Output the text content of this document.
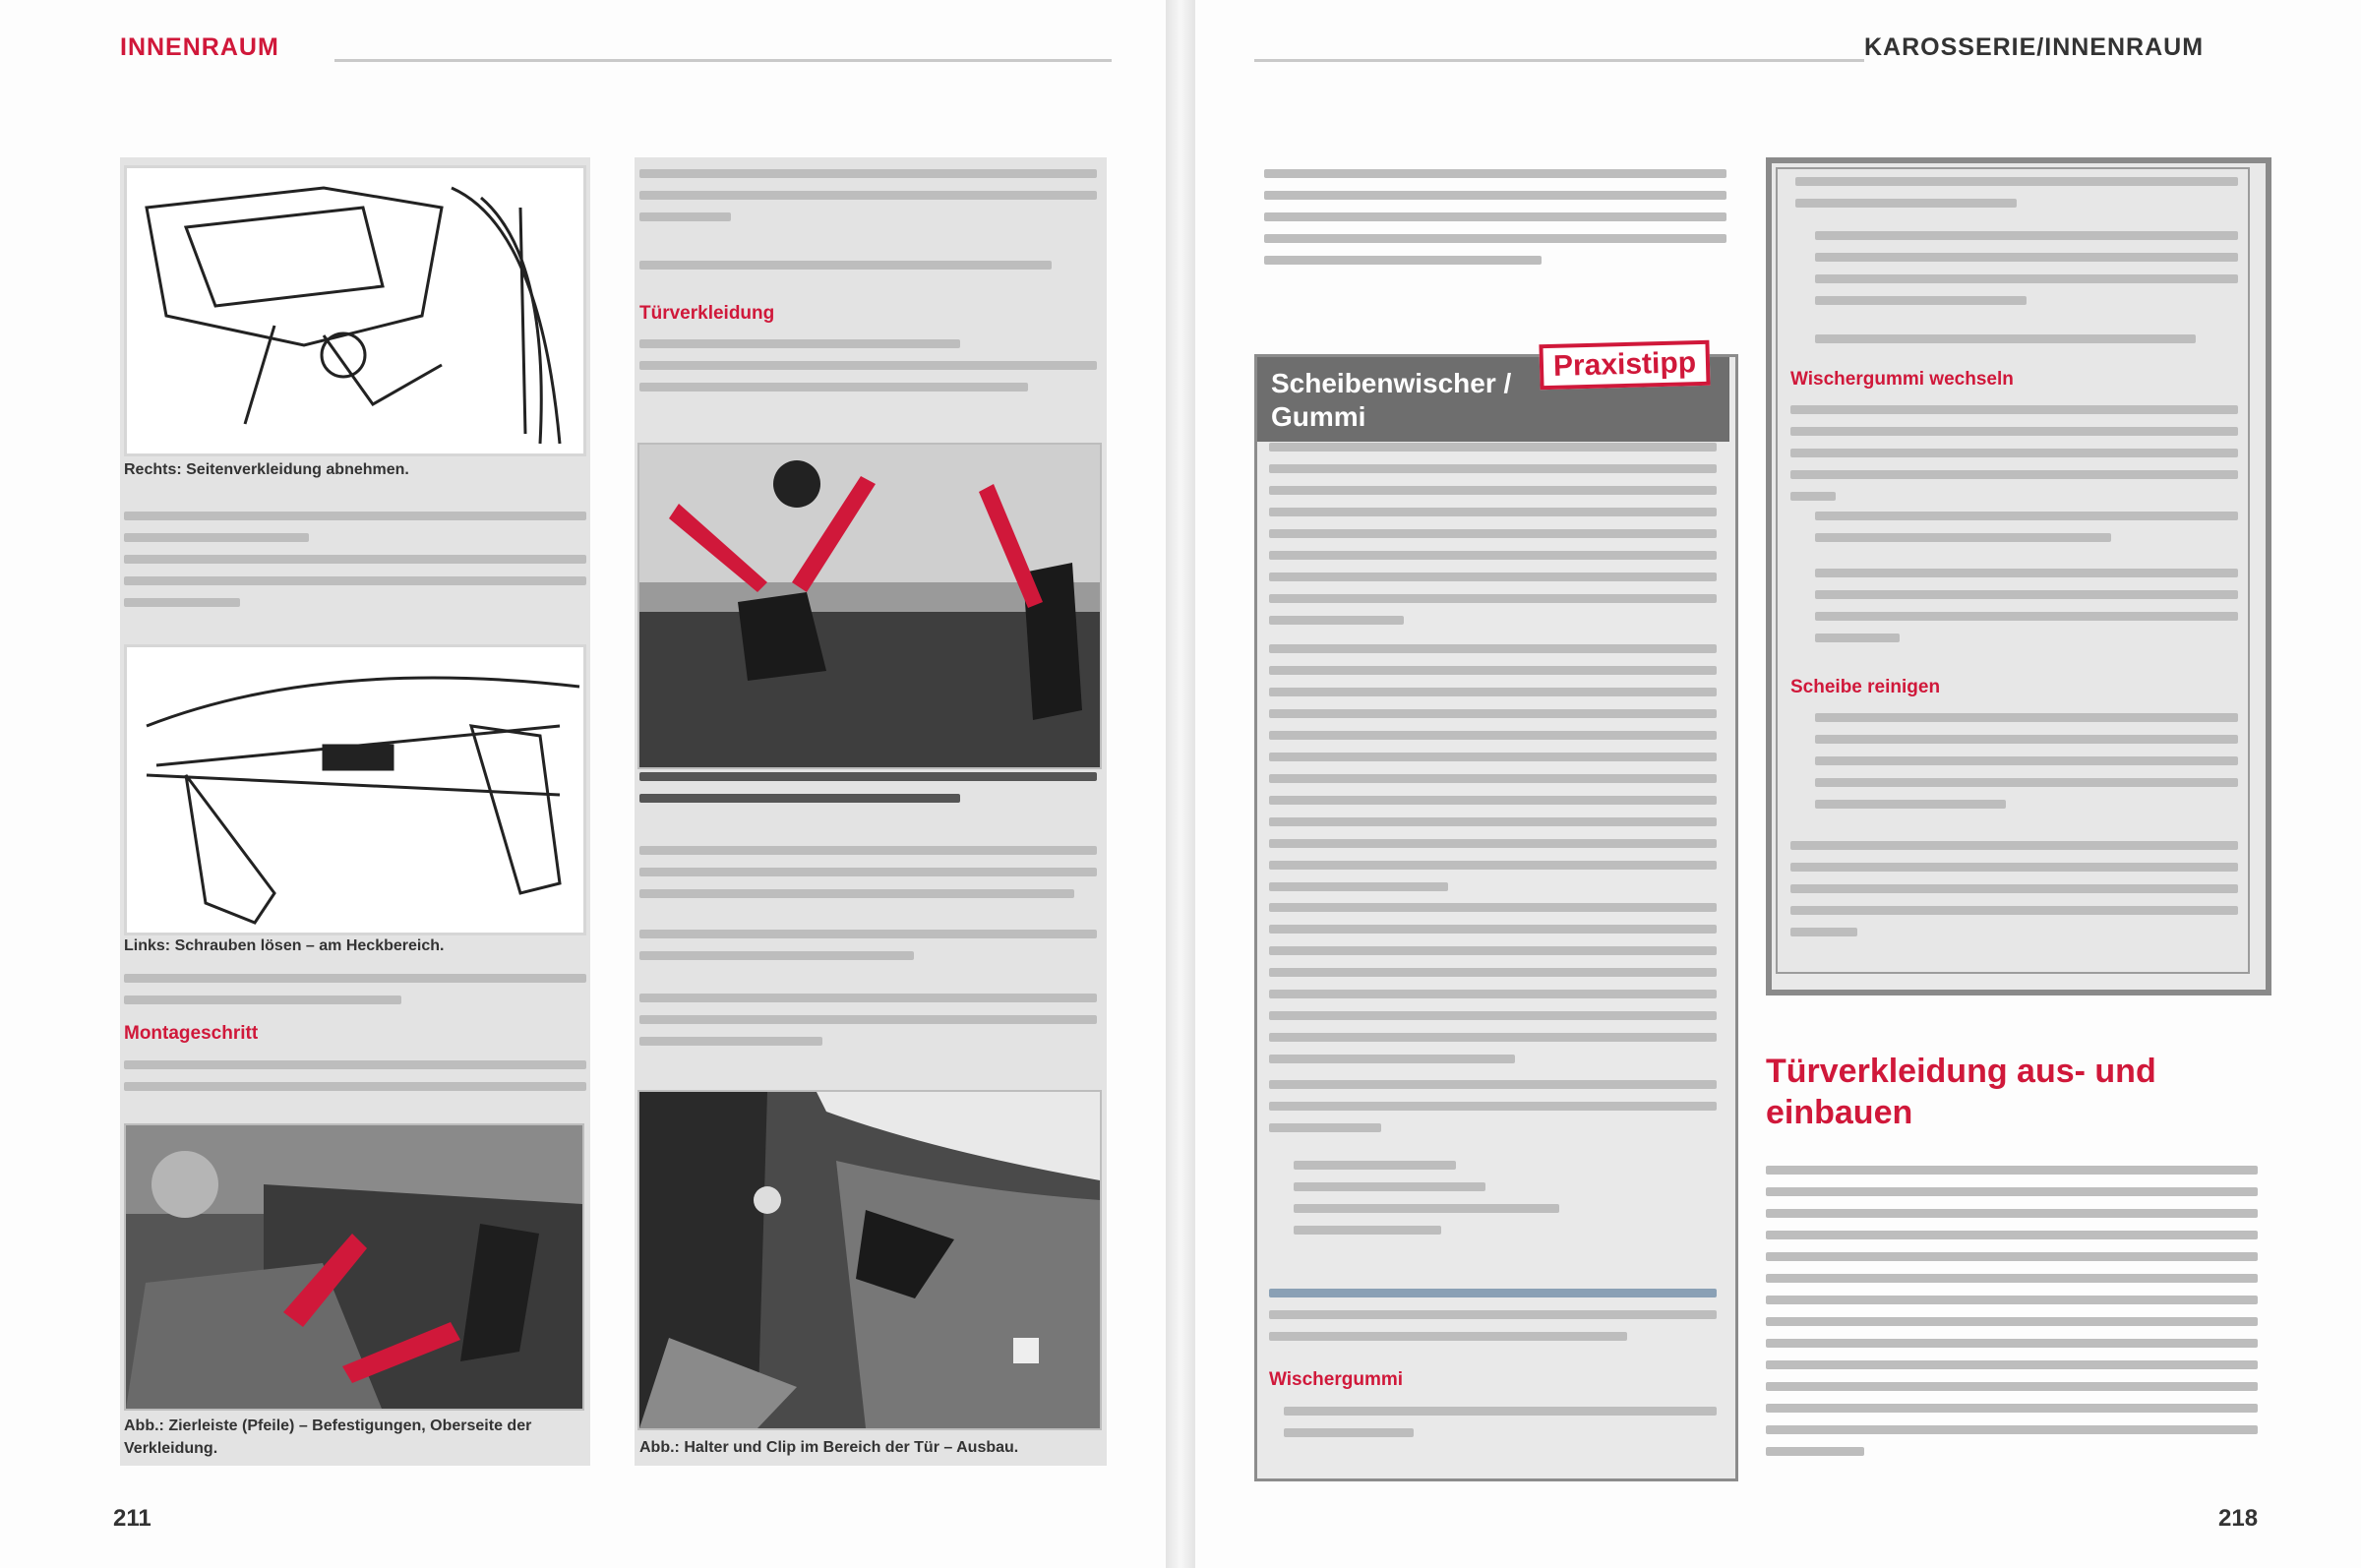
INNENRAUM
Rechts: Seitenverkleidung abnehmen.
Links: Schrauben lösen – am Heckbereich.
Montageschritt
Abb.: Zierleiste (Pfeile) – Befestigungen, Oberseite der Verkleidung.
Türverkleidung
Abb.: Halter und Clip im Bereich der Tür – Ausbau.
211
KAROSSERIE/INNENRAUM
Scheibenwischer /
Gummi
Praxistipp
Wischergummi
Wischergummi wechseln
Scheibe reinigen
Türverkleidung aus- und
einbauen
218
